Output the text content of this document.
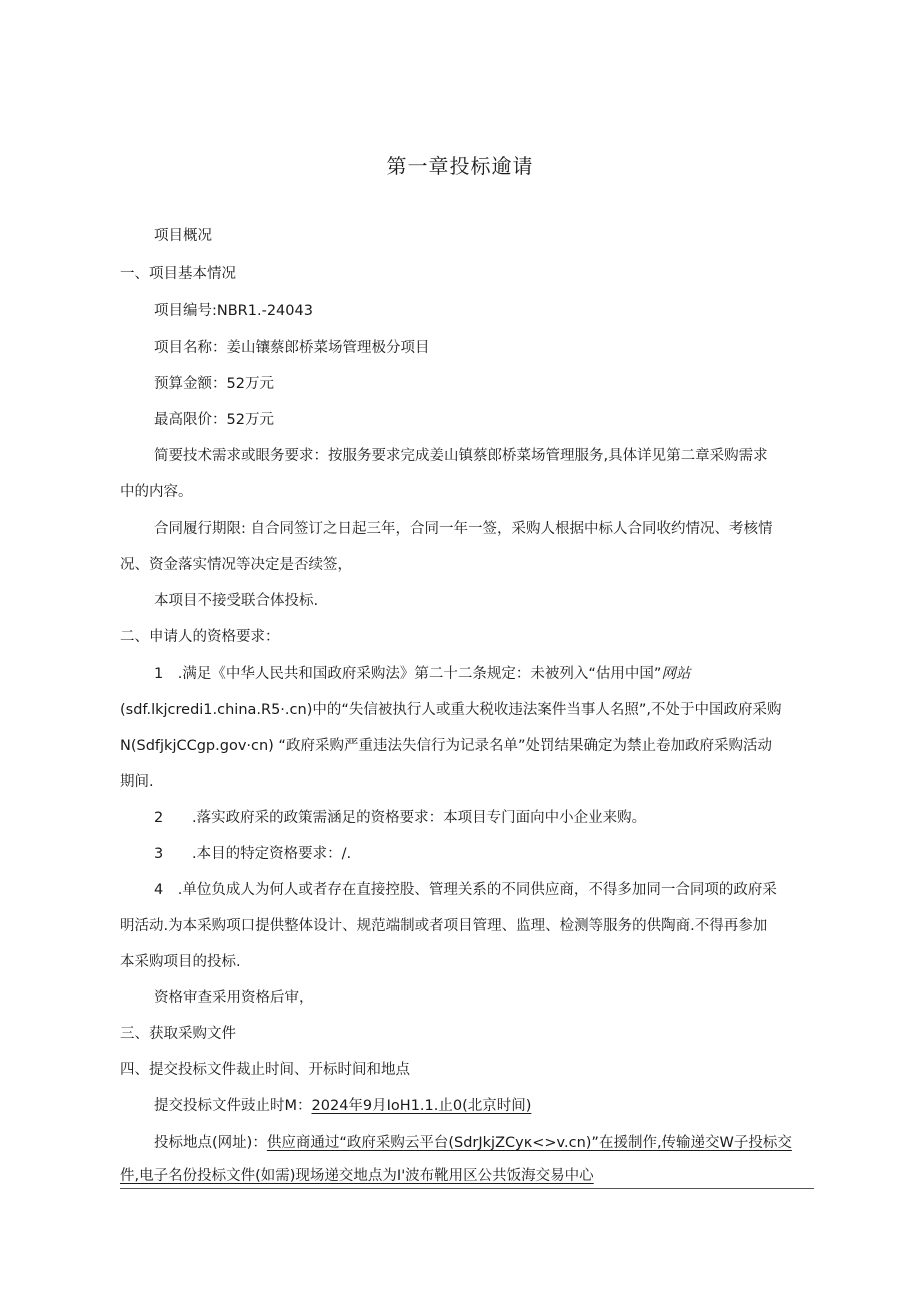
第一章投标逾请
项目概况
一、项目基本情况
项目编号:NBR1.-24043
项目名称：姜山镶蔡郎桥菜场管理极分项目
预算金额：52万元
最高限价：52万元
简要技术需求或眼务要求：按服务要求完成姜山镇蔡郎桥菜场管理服务,具体详见第二章采购需求
中的内容。
合同履行期限: 自合同签订之日起三年，合同一年一签，采购人根据中标人合同收约情况、考核情
况、资金落实情况等决定是否续签，
本项目不接受联合体投标.
二、申请人的资格要求：
1　.满足《中华人民共和国政府采购法》第二十二条规定：未被列入“估用中国”网站
(sdf.lkjcredi1.china.R5·.cn)中的“失信被执行人或重大税收违法案件当事人名照”,不处于中国政府采购
N(SdfjkjCCgp.gov·cn) “政府采购严重违法失信行为记录名单”处罚结果确定为禁止卷加政府采购活动
期间.
2 .落实政府采的政策需涵足的资格要求：本项目专门面向中小企业来购。
3 .本目的特定资格要求：/.
4　.单位负成人为何人或者存在直接控股、管理关系的不同供应商，不得多加同一合同项的政府采
明活动.为本采购项口提供整体设计、规范端制或者项目管理、监理、检测等服务的供陶商.不得再参加
本采购项目的投标.
资格审查采用资格后审，
三、获取采购文件
四、提交投标文件裁止时间、开标时间和地点
提交投标文件豉止时M：2024年9月IoH1.1.止0(北京时间)
投标地点(网址)：供应商通过“政府采购云平台(SdrJkjZCyκ<>v.cn)”在援制作,传输递交W子投标交
件,电子名份投标文件(如需)现场递交地点为I'波布靴用区公共饭海交易中心
